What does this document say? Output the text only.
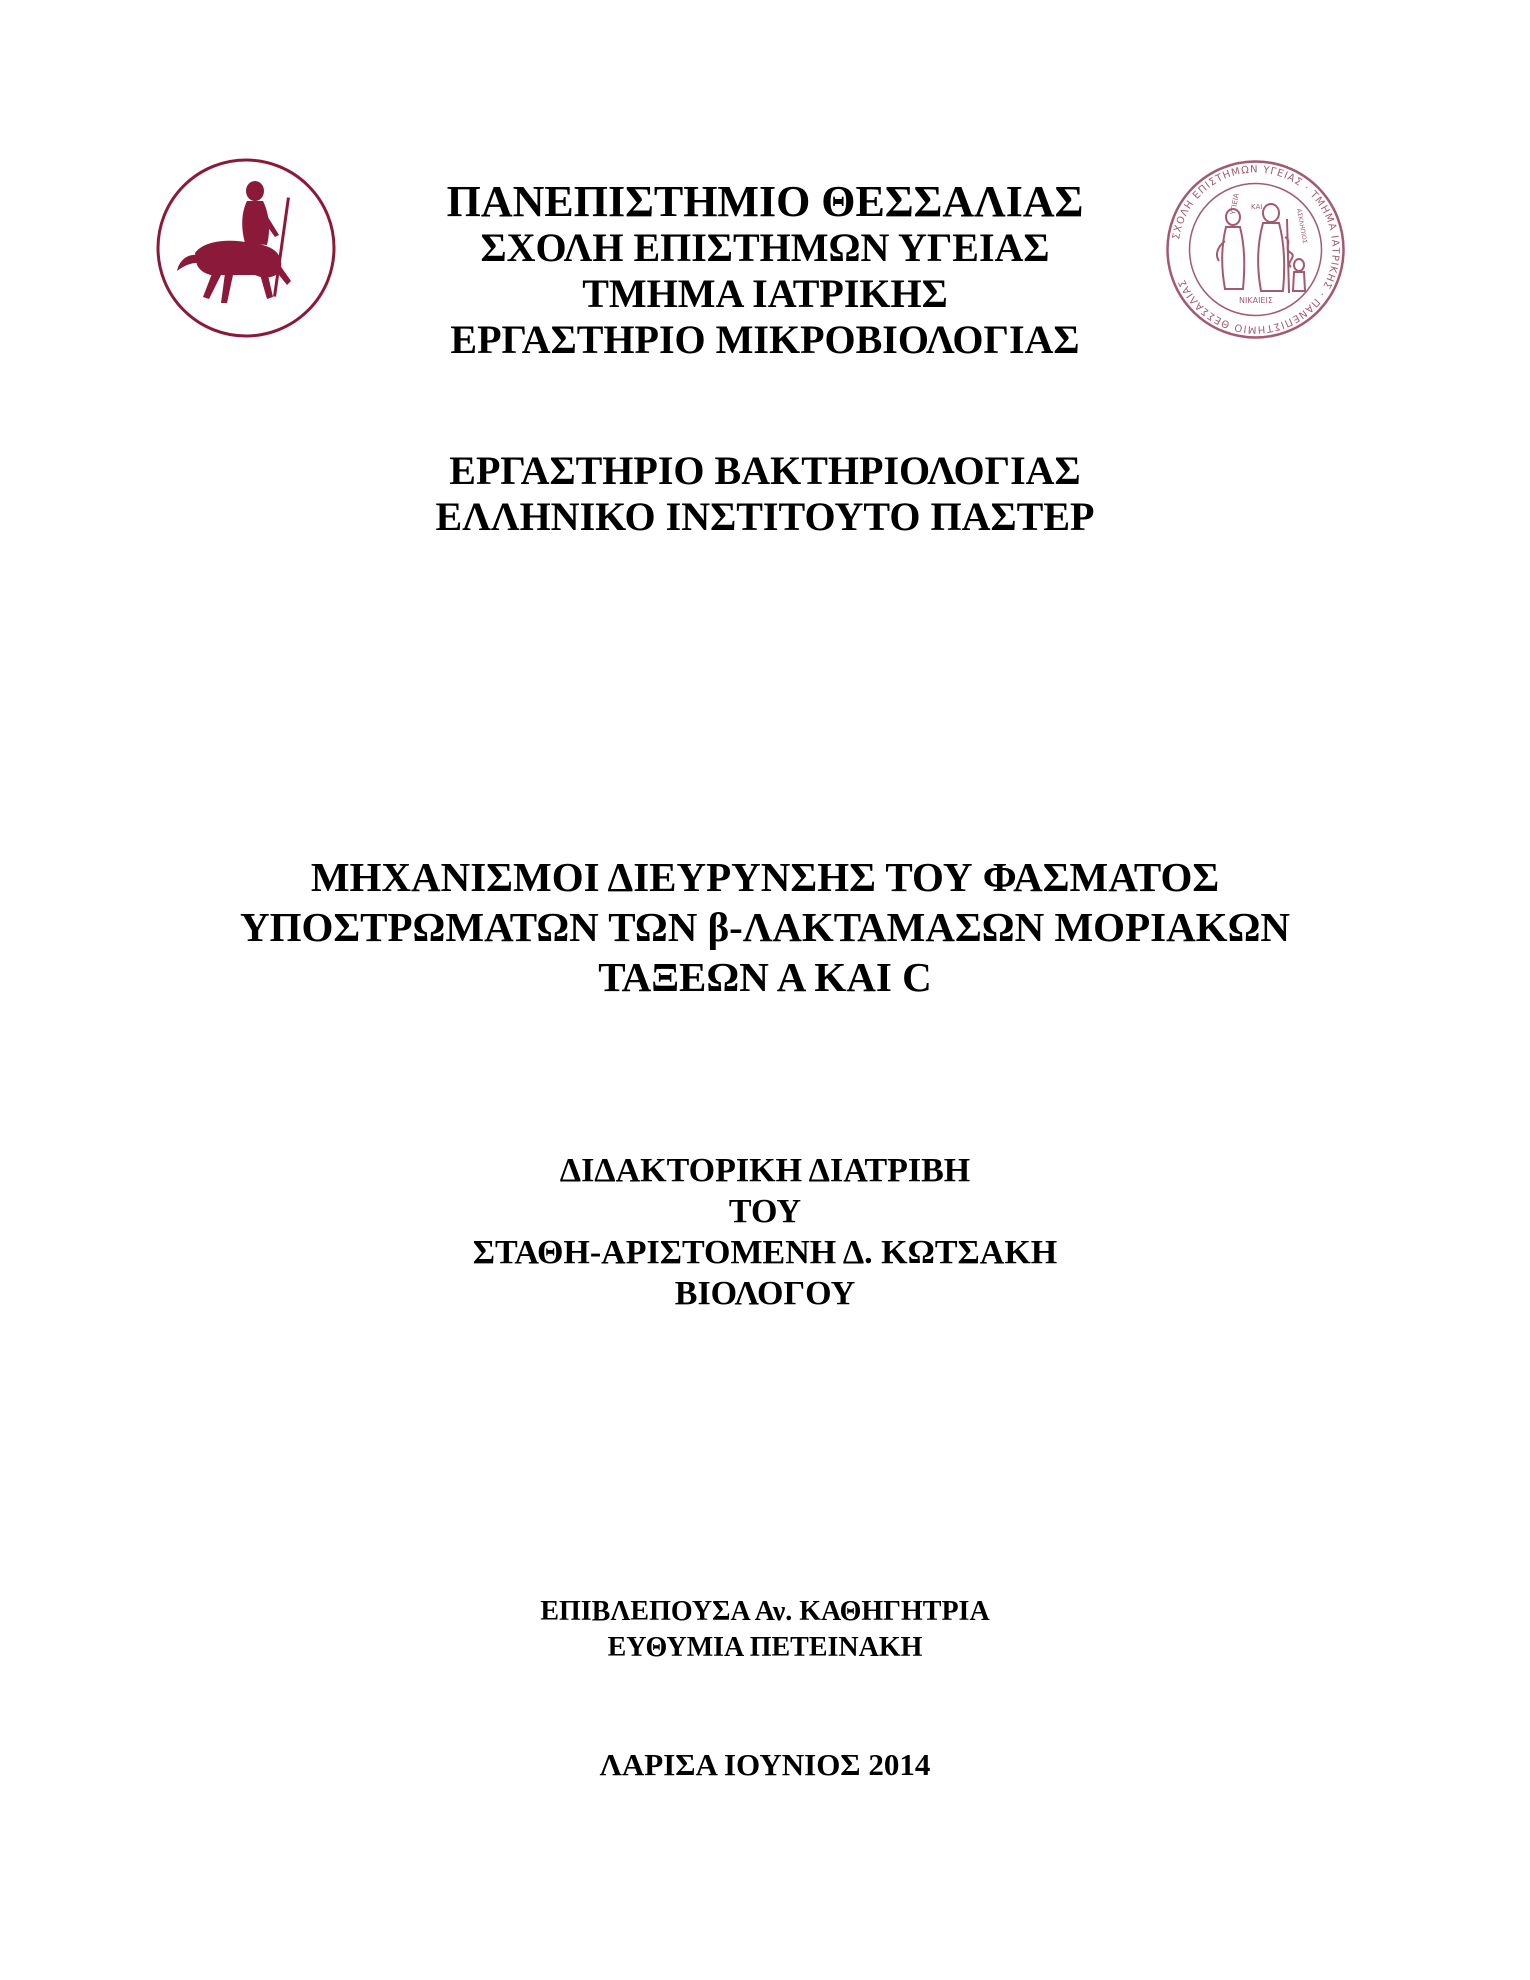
ΣΧΟΛΗ ΕΠΙΣΤΗΜΩΝ ΥΓΕΙΑΣ · ΤΜΗΜΑ ΙΑΤΡΙΚΗΣ · ΠΑΝΕΠΙΣΤΗΜΙΟ ΘΕΣΣΑΛΙΑΣ
ΥΓΙΕΙΑ ΚΑΙ
ΑΣΚΛΗΠΙΟΣ
ΝΙΚΑΙΕΙΣ
ΠΑΝΕΠΙΣΤΗΜΙΟ ΘΕΣΣΑΛΙΑΣ
ΣΧΟΛΗ ΕΠΙΣΤΗΜΩΝ ΥΓΕΙΑΣ
ΤΜΗΜΑ ΙΑΤΡΙΚΗΣ
ΕΡΓΑΣΤΗΡΙΟ ΜΙΚΡΟΒΙΟΛΟΓΙΑΣ
ΕΡΓΑΣΤΗΡΙΟ ΒΑΚΤΗΡΙΟΛΟΓΙΑΣ
ΕΛΛΗΝΙΚΟ ΙΝΣΤΙΤΟΥΤΟ ΠΑΣΤΕΡ
ΜΗΧΑΝΙΣΜΟΙ ΔΙΕΥΡΥΝΣΗΣ ΤΟΥ ΦΑΣΜΑΤΟΣ
ΥΠΟΣΤΡΩΜΑΤΩΝ ΤΩΝ β-ΛΑΚΤΑΜΑΣΩΝ ΜΟΡΙΑΚΩΝ
ΤΑΞΕΩΝ Α ΚΑΙ C
ΔΙΔΑΚΤΟΡΙΚΗ ΔΙΑΤΡΙΒΗ
ΤΟΥ
ΣΤΑΘΗ-ΑΡΙΣΤΟΜΕΝΗ Δ. ΚΩΤΣΑΚΗ
ΒΙΟΛΟΓΟΥ
ΕΠΙΒΛΕΠΟΥΣΑ Αν. ΚΑΘΗΓΗΤΡΙΑ
ΕΥΘΥΜΙΑ ΠΕΤΕΙΝΑΚΗ
ΛΑΡΙΣΑ ΙΟΥΝΙΟΣ 2014
